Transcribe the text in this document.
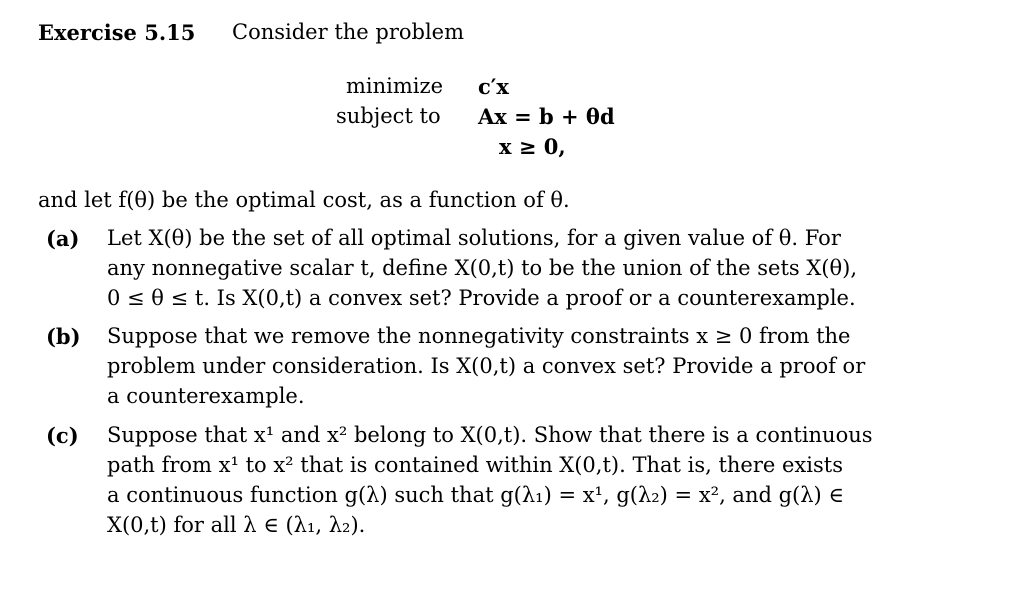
Exercise 5.15 Consider the problem
minimize c′x
subject to Ax = b + θd
x ≥ 0,
and let f(θ) be the optimal cost, as a function of θ.
(a) Let X(θ) be the set of all optimal solutions, for a given value of θ. For
any nonnegative scalar t, define X(0,t) to be the union of the sets X(θ),
0 ≤ θ ≤ t. Is X(0,t) a convex set? Provide a proof or a counterexample.
(b) Suppose that we remove the nonnegativity constraints x ≥ 0 from the
problem under consideration. Is X(0,t) a convex set? Provide a proof or
a counterexample.
(c) Suppose that x¹ and x² belong to X(0,t). Show that there is a continuous
path from x¹ to x² that is contained within X(0,t). That is, there exists
a continuous function g(λ) such that g(λ₁) = x¹, g(λ₂) = x², and g(λ) ∈
X(0,t) for all λ ∈ (λ₁, λ₂).
